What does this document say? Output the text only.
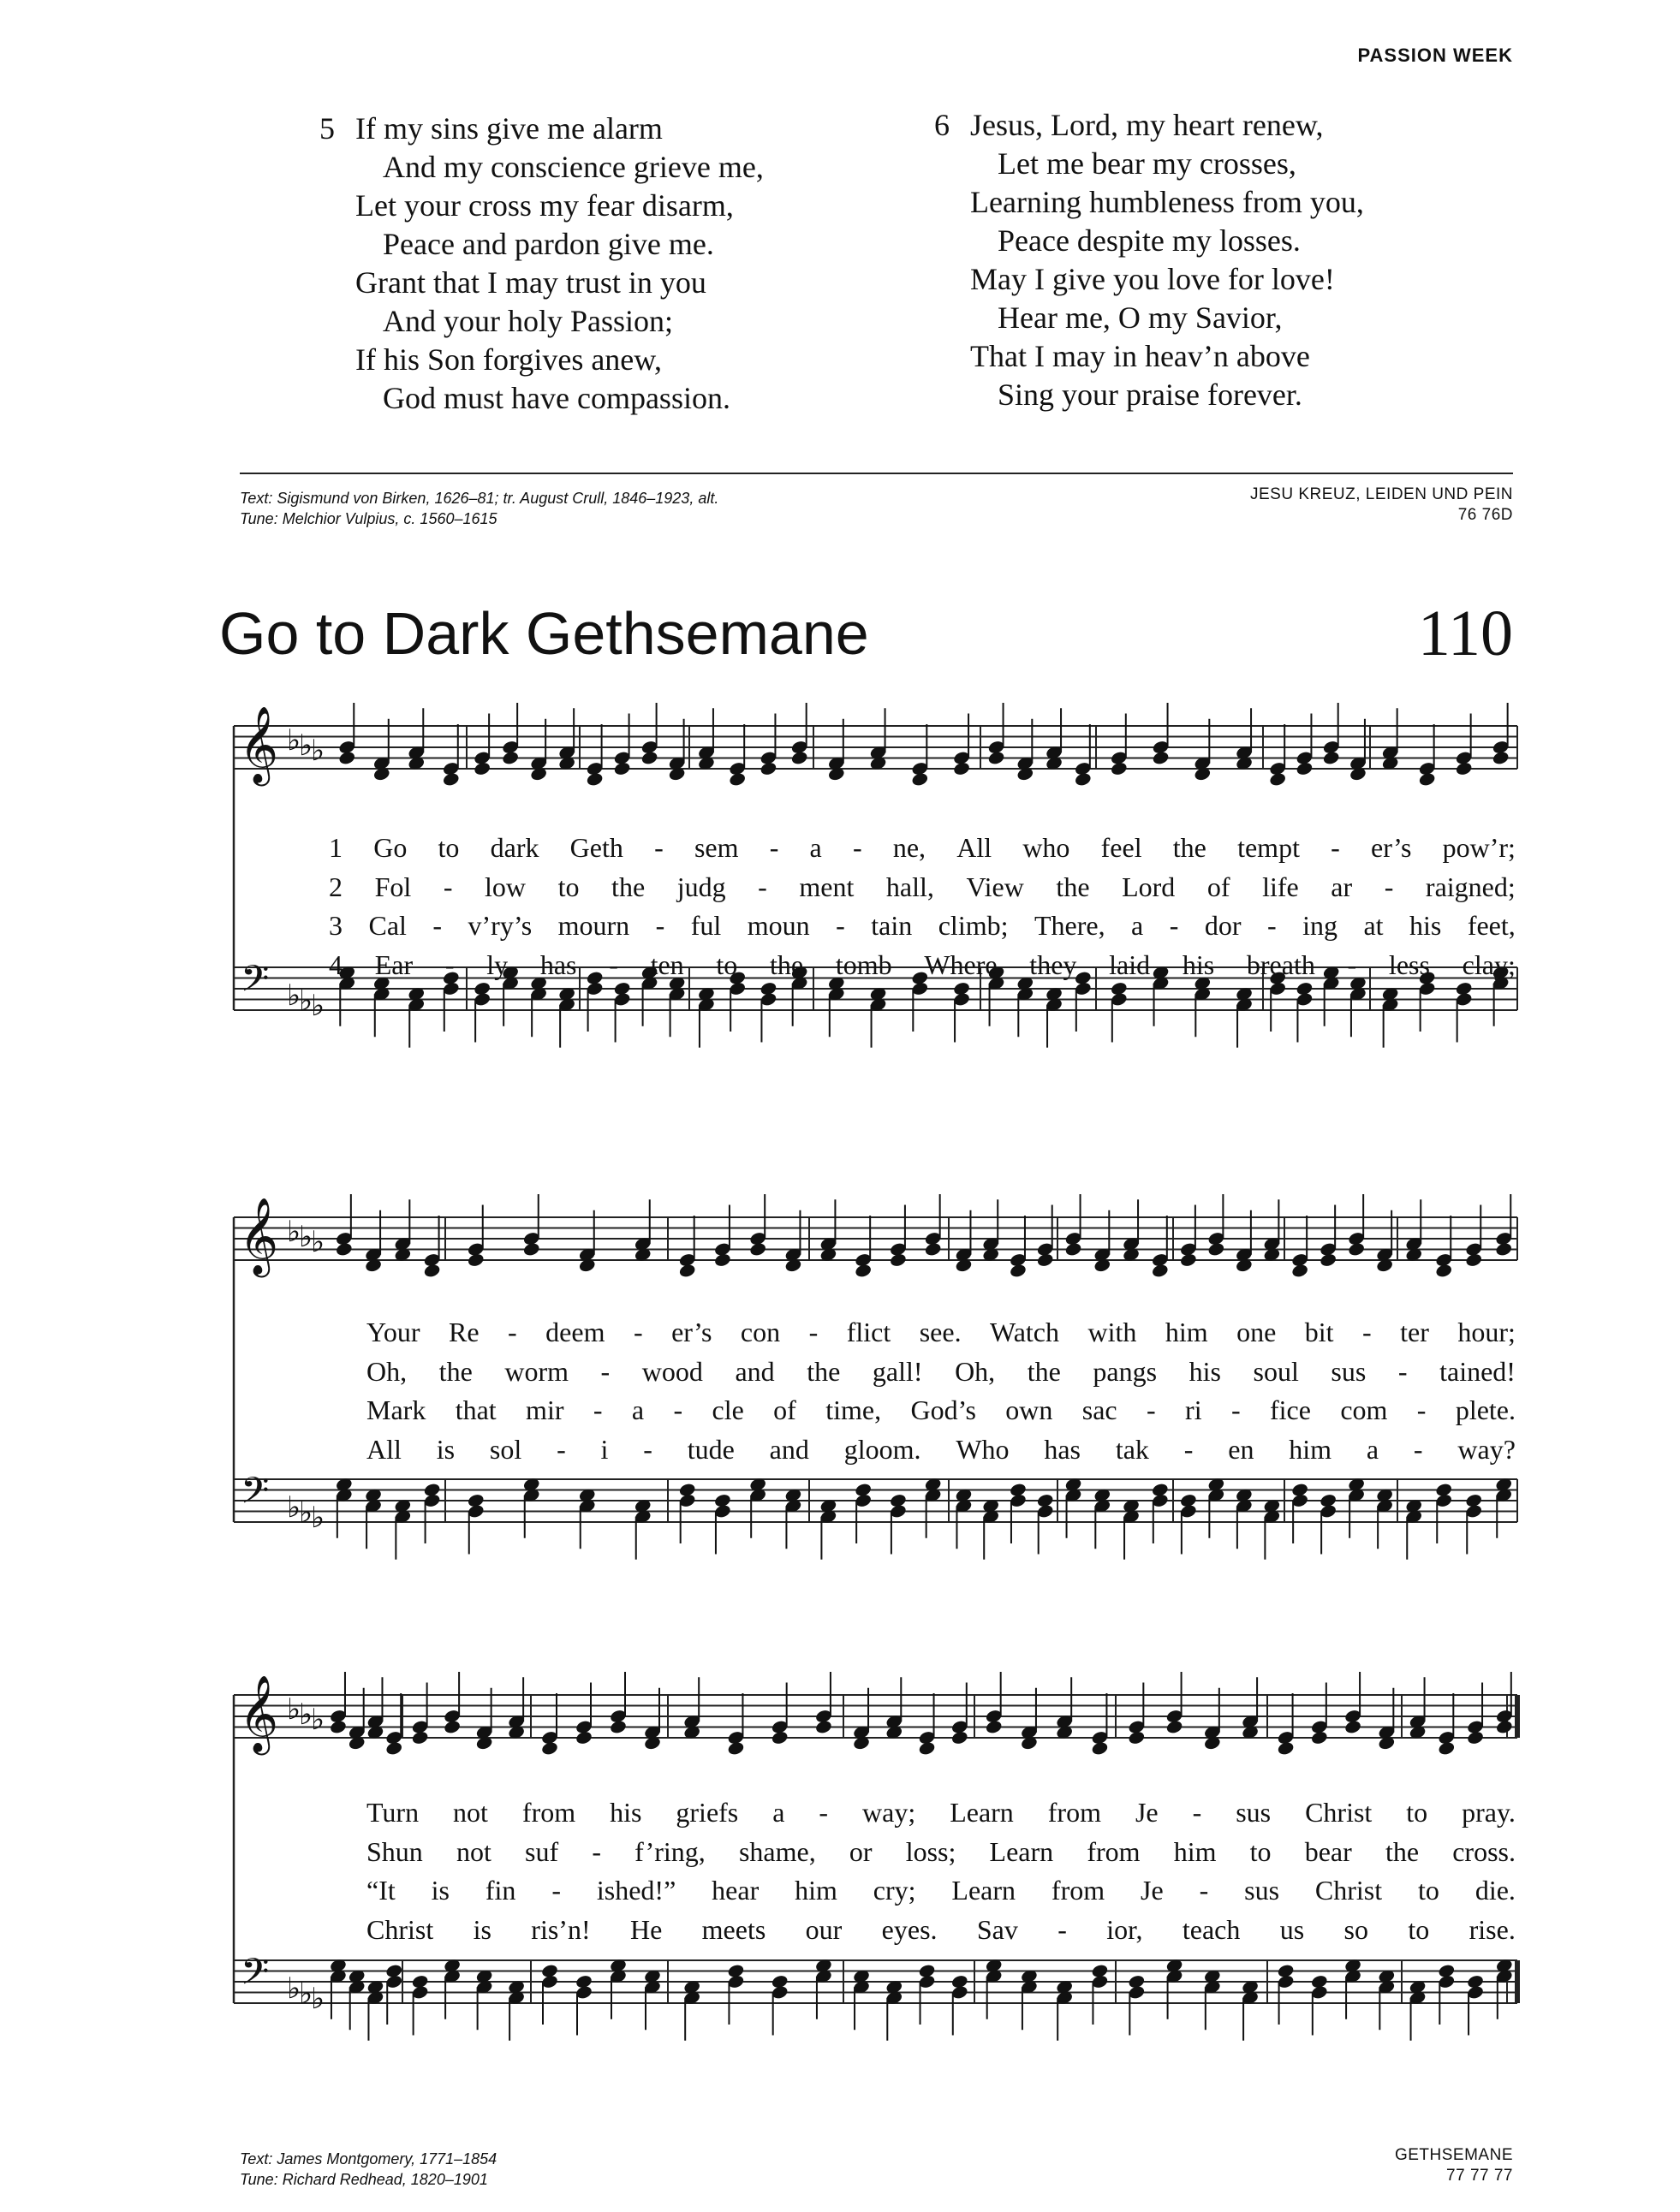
PASSION WEEK
5 If my sins give me alarm
And my conscience grieve me,
Let your cross my fear disarm,
Peace and pardon give me.
Grant that I may trust in you
And your holy Passion;
If his Son forgives anew,
God must have compassion.
6 Jesus, Lord, my heart renew,
Let me bear my crosses,
Learning humbleness from you,
Peace despite my losses.
May I give you love for love!
Hear me, O my Savior,
That I may in heav’n above
Sing your praise forever.
Text: Sigismund von Birken, 1626–81; tr. August Crull, 1846–1923, alt.
Tune: Melchior Vulpius, c. 1560–1615
JESU KREUZ, LEIDEN UND PEIN
76 76D
Go to Dark Gethsemane	110
𝄞
𝄢
♭
♭
♭
♭
♭
♭
𝄞
𝄢
♭
♭
♭
♭
♭
♭
𝄞
𝄢
♭
♭
♭
♭
♭
♭
1 Go to dark Geth - sem - a - ne, All who feel the tempt - er’s pow’r;
2 Fol - low to the judg - ment hall, View the Lord of life ar - raigned;
3 Cal - v’ry’s mourn - ful moun - tain climb; There, a - dor - ing at his feet,
4 Ear - ly has - ten to the tomb Where they laid his breath - less clay;
Your Re - deem - er’s con - flict see. Watch with him one bit - ter hour;
Oh, the worm - wood and the gall! Oh, the pangs his soul sus - tained!
Mark that mir - a - cle of time, God’s own sac - ri - fice com - plete.
All is sol - i - tude and gloom. Who has tak - en him a - way?
Turn not from his griefs a - way; Learn from Je - sus Christ to pray.
Shun not suf - f’ring, shame, or loss; Learn from him to bear the cross.
“It is fin - ished!” hear him cry; Learn from Je - sus Christ to die.
Christ is ris’n! He meets our eyes. Sav - ior, teach us so to rise.
Text: James Montgomery, 1771–1854
Tune: Richard Redhead, 1820–1901
GETHSEMANE
77 77 77
